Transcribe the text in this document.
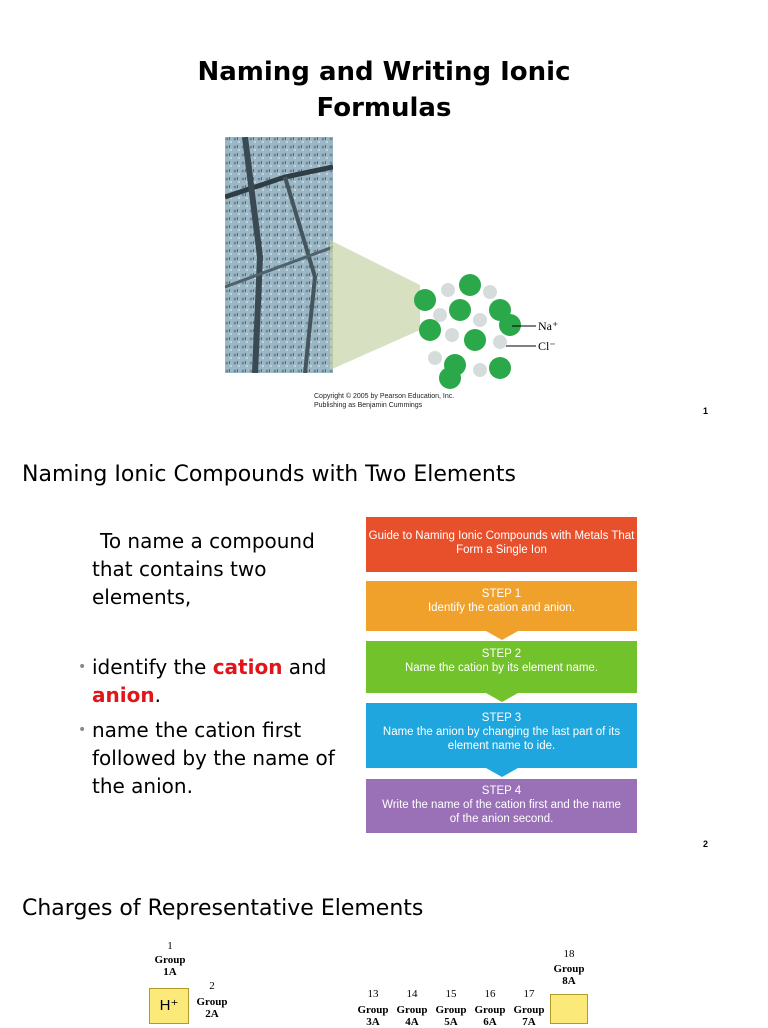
Naming and Writing Ionic
Formulas
Na⁺
Cl⁻
Copyright © 2005 by Pearson Education, Inc.
Publishing as Benjamin Cummings
1
Naming Ionic Compounds with Two Elements
To name a compound that contains two elements,
• identify the cation and anion.
• name the cation first followed by the name of the anion.
Guide to Naming Ionic Compounds with Metals That Form a Single Ion
STEP 1
Identify the cation and anion.
STEP 2
Name the cation by its element name.
STEP 3
Name the anion by changing the last part of its element name to ide.
STEP 4
Write the name of the cation first and the name of the anion second.
2
Charges of Representative Elements
1
Group
1A
H⁺
2
Group
2A
13
Group
3A
14
Group
4A
15
Group
5A
16
Group
6A
17
Group
7A
18
Group
8A
